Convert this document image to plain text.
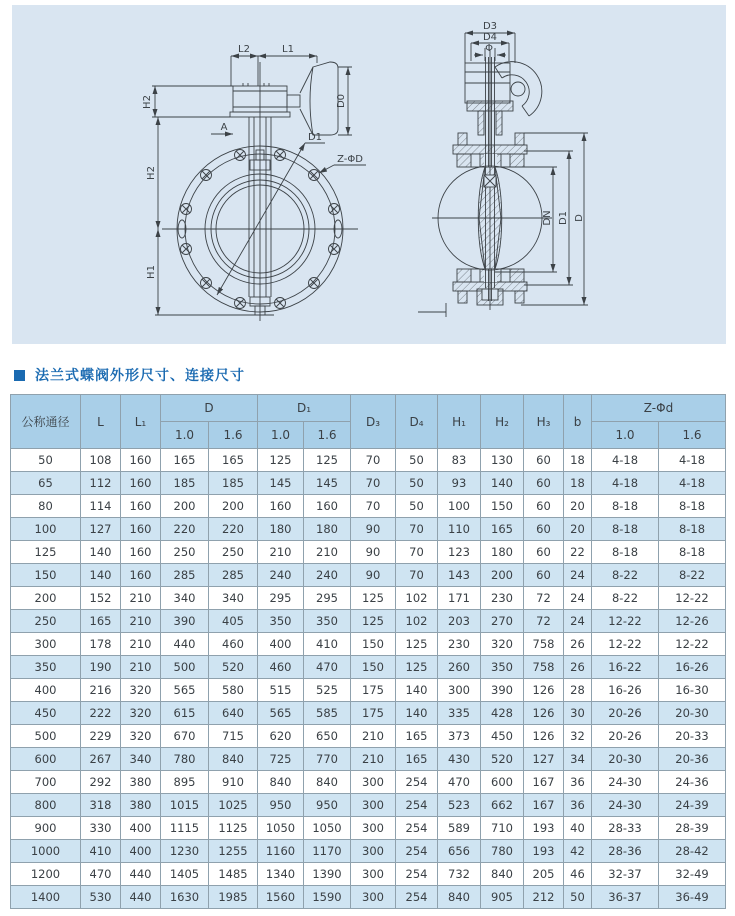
L2	L1
H2
H2
H1
D0
A
D1
Z-ΦD
D3
D4
Φ
DN D1 D
法兰式蝶阀外形尺寸、连接尺寸
公称通径	L	L₁	D		D₁		D₃	D₄	H₁	H₂	H₃	b	Z-Φd	
			1.0	1.6	1.0	1.6							1.0	1.6
50	108	160	165	165	125	125	70	50	83	130	60	18	4-18	4-18
65	112	160	185	185	145	145	70	50	93	140	60	18	4-18	4-18
80	114	160	200	200	160	160	70	50	100	150	60	20	8-18	8-18
100	127	160	220	220	180	180	90	70	110	165	60	20	8-18	8-18
125	140	160	250	250	210	210	90	70	123	180	60	22	8-18	8-18
150	140	160	285	285	240	240	90	70	143	200	60	24	8-22	8-22
200	152	210	340	340	295	295	125	102	171	230	72	24	8-22	12-22
250	165	210	390	405	350	350	125	102	203	270	72	24	12-22	12-26
300	178	210	440	460	400	410	150	125	230	320	758	26	12-22	12-22
350	190	210	500	520	460	470	150	125	260	350	758	26	16-22	16-26
400	216	320	565	580	515	525	175	140	300	390	126	28	16-26	16-30
450	222	320	615	640	565	585	175	140	335	428	126	30	20-26	20-30
500	229	320	670	715	620	650	210	165	373	450	126	32	20-26	20-33
600	267	340	780	840	725	770	210	165	430	520	127	34	20-30	20-36
700	292	380	895	910	840	840	300	254	470	600	167	36	24-30	24-36
800	318	380	1015	1025	950	950	300	254	523	662	167	36	24-30	24-39
900	330	400	1115	1125	1050	1050	300	254	589	710	193	40	28-33	28-39
1000	410	400	1230	1255	1160	1170	300	254	656	780	193	42	28-36	28-42
1200	470	440	1405	1485	1340	1390	300	254	732	840	205	46	32-37	32-49
1400	530	440	1630	1985	1560	1590	300	254	840	905	212	50	36-37	36-49
